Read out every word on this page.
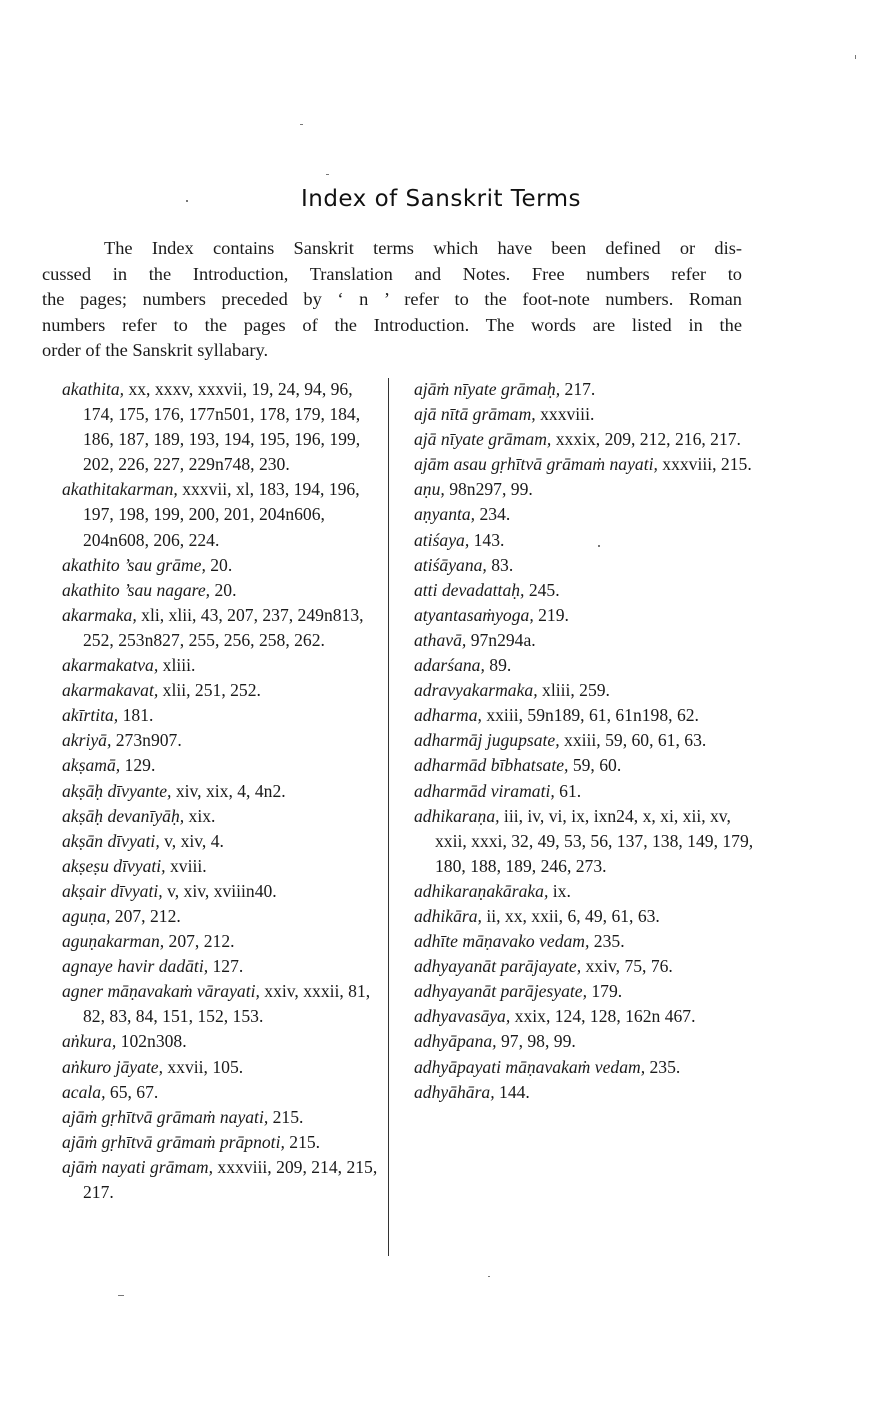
Index of Sanskrit Terms
The Index contains Sanskrit terms which have been defined or dis-
cussed in the Introduction, Translation and Notes. Free numbers refer to
the pages; numbers preceded by ‘ n ’ refer to the foot-note numbers. Roman
numbers refer to the pages of the Introduction. The words are listed in the
order of the Sanskrit syllabary.

akathita, xx, xxxv, xxxvii, 19, 24, 94, 96, 174, 175, 176, 177n501, 178, 179, 184, 186, 187, 189, 193, 194, 195, 196, 199, 202, 226, 227, 229n748, 230.

akathitakarman, xxxvii, xl, 183, 194, 196, 197, 198, 199, 200, 201, 204n606, 204n608, 206, 224.

akathito ’sau grāme, 20.

akathito ’sau nagare, 20.

akarmaka, xli, xlii, 43, 207, 237, 249n813, 252, 253n827, 255, 256, 258, 262.

akarmakatva, xliii.

akarmakavat, xlii, 251, 252.

akīrtita, 181.

akriyā, 273n907.

akṣamā, 129.

akṣāḥ dīvyante, xiv, xix, 4, 4n2.

akṣāḥ devanīyāḥ, xix.

akṣān dīvyati, v, xiv, 4.

akṣeṣu dīvyati, xviii.

akṣair dīvyati, v, xiv, xviiin40.

aguṇa, 207, 212.

aguṇakarman, 207, 212.

agnaye havir dadāti, 127.

agner māṇavakaṁ vārayati, xxiv, xxxii, 81, 82, 83, 84, 151, 152, 153.

aṅkura, 102n308.

aṅkuro jāyate, xxvii, 105.

acala, 65, 67.

ajāṁ gṛhītvā grāmaṁ nayati, 215.

ajāṁ gṛhītvā grāmaṁ prāpnoti, 215.

ajāṁ nayati grāmam, xxxviii, 209, 214, 215, 217.

ajāṁ nīyate grāmaḥ, 217.

ajā nītā grāmam, xxxviii.

ajā nīyate grāmam, xxxix, 209, 212, 216, 217.

ajām asau gṛhītvā grāmaṁ nayati, xxxviii, 215.

aṇu, 98n297, 99.

aṇyanta, 234.

atiśaya, 143.

atiśāyana, 83.

atti devadattaḥ, 245.

atyantasaṁyoga, 219.

athavā, 97n294a.

adarśana, 89.

adravyakarmaka, xliii, 259.

adharma, xxiii, 59n189, 61, 61n198, 62.

adharmāj jugupsate, xxiii, 59, 60, 61, 63.

adharmād bībhatsate, 59, 60.

adharmād viramati, 61.

adhikaraṇa, iii, iv, vi, ix, ixn24, x, xi, xii, xv, xxii, xxxi, 32, 49, 53, 56, 137, 138, 149, 179, 180, 188, 189, 246, 273.

adhikaraṇakāraka, ix.

adhikāra, ii, xx, xxii, 6, 49, 61, 63.

adhīte māṇavako vedam, 235.

adhyayanāt parājayate, xxiv, 75, 76.

adhyayanāt parājesyate, 179.

adhyavasāya, xxix, 124, 128, 162n 467.

adhyāpana, 97, 98, 99.

adhyāpayati māṇavakaṁ vedam, 235.

adhyāhāra, 144.
